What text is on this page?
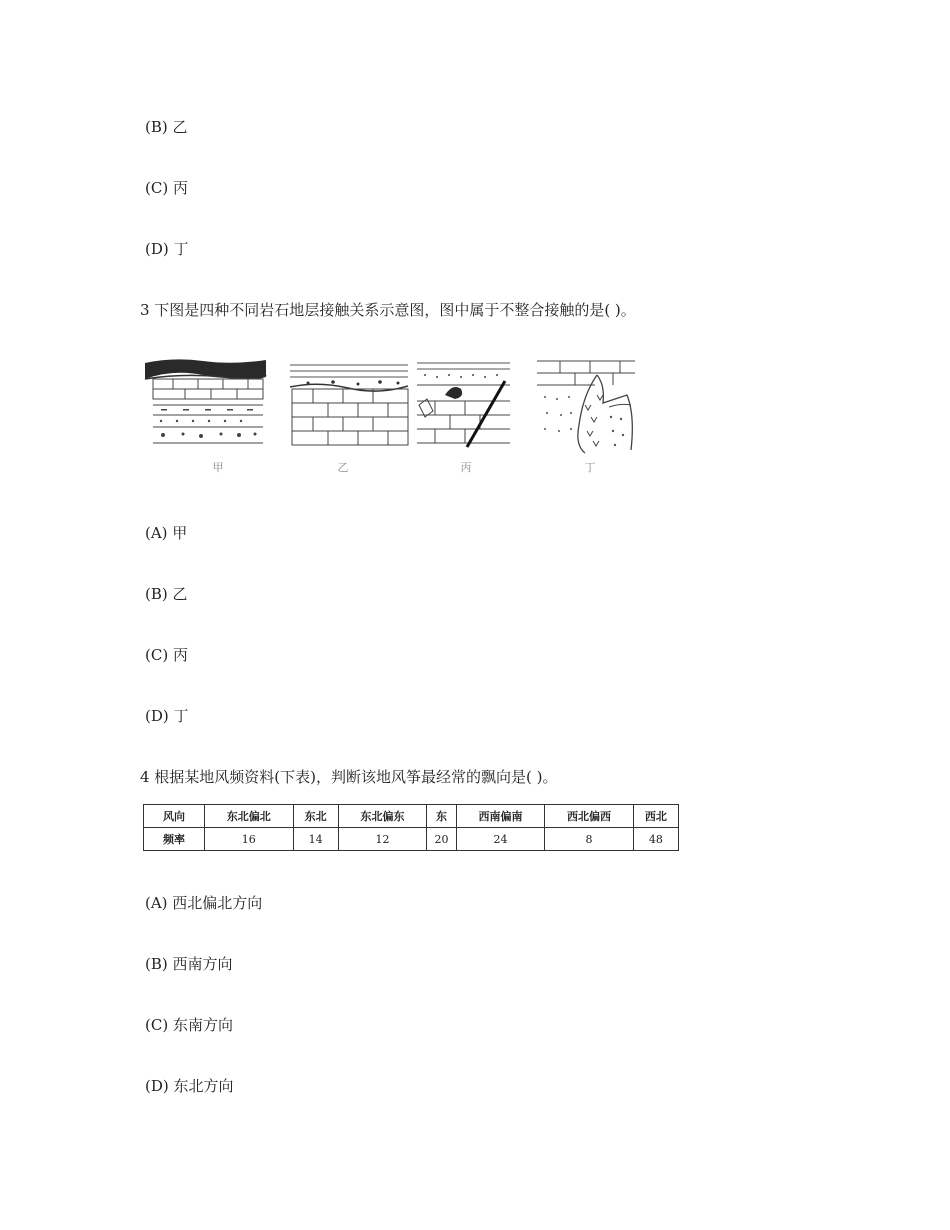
(B) 乙
(C) 丙
(D) 丁
3 下图是四种不同岩石地层接触关系示意图，图中属于不整合接触的是( )。
甲	乙	丙	丁
(A) 甲
(B) 乙
(C) 丙
(D) 丁
4 根据某地风频资料(下表)，判断该地风筝最经常的飘向是( )。
风向	东北偏北	东北	东北偏东	东	西南偏南	西北偏西	西北
频率	16	14	12	20	24	8	48
(A) 西北偏北方向
(B) 西南方向
(C) 东南方向
(D) 东北方向
